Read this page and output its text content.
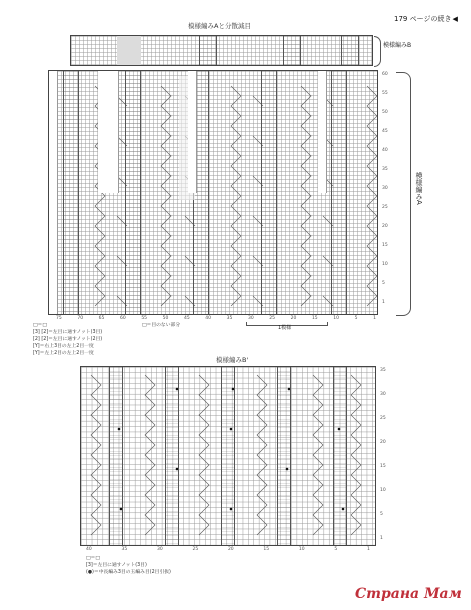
179 ページの続き◀
模様編みAと分散減目
模様編みB

60
55
50
45
40
35
30
25
20
15
10
5
1
模様編みA
75	70	65	60	55	50	45	40	35	30	25	20	15	10	5	1
1模様
□＝□
[3] [2]＝左目に通すノット(3目)
[2] [2]＝左目に通すノット(2目)
[Y]＝右上3目の左上2目一度
[Y]＝左上2目の左上2目一度
□＝目のない部分
模様編みB'
35
30
25
20
15
10
5
1
40	35	30	25	20	15	10	5	1
□＝□
[3]＝左目に通すノット(3目)
(●)＝中長編み3目の玉編み目(2目引抜)
Страна Мам
